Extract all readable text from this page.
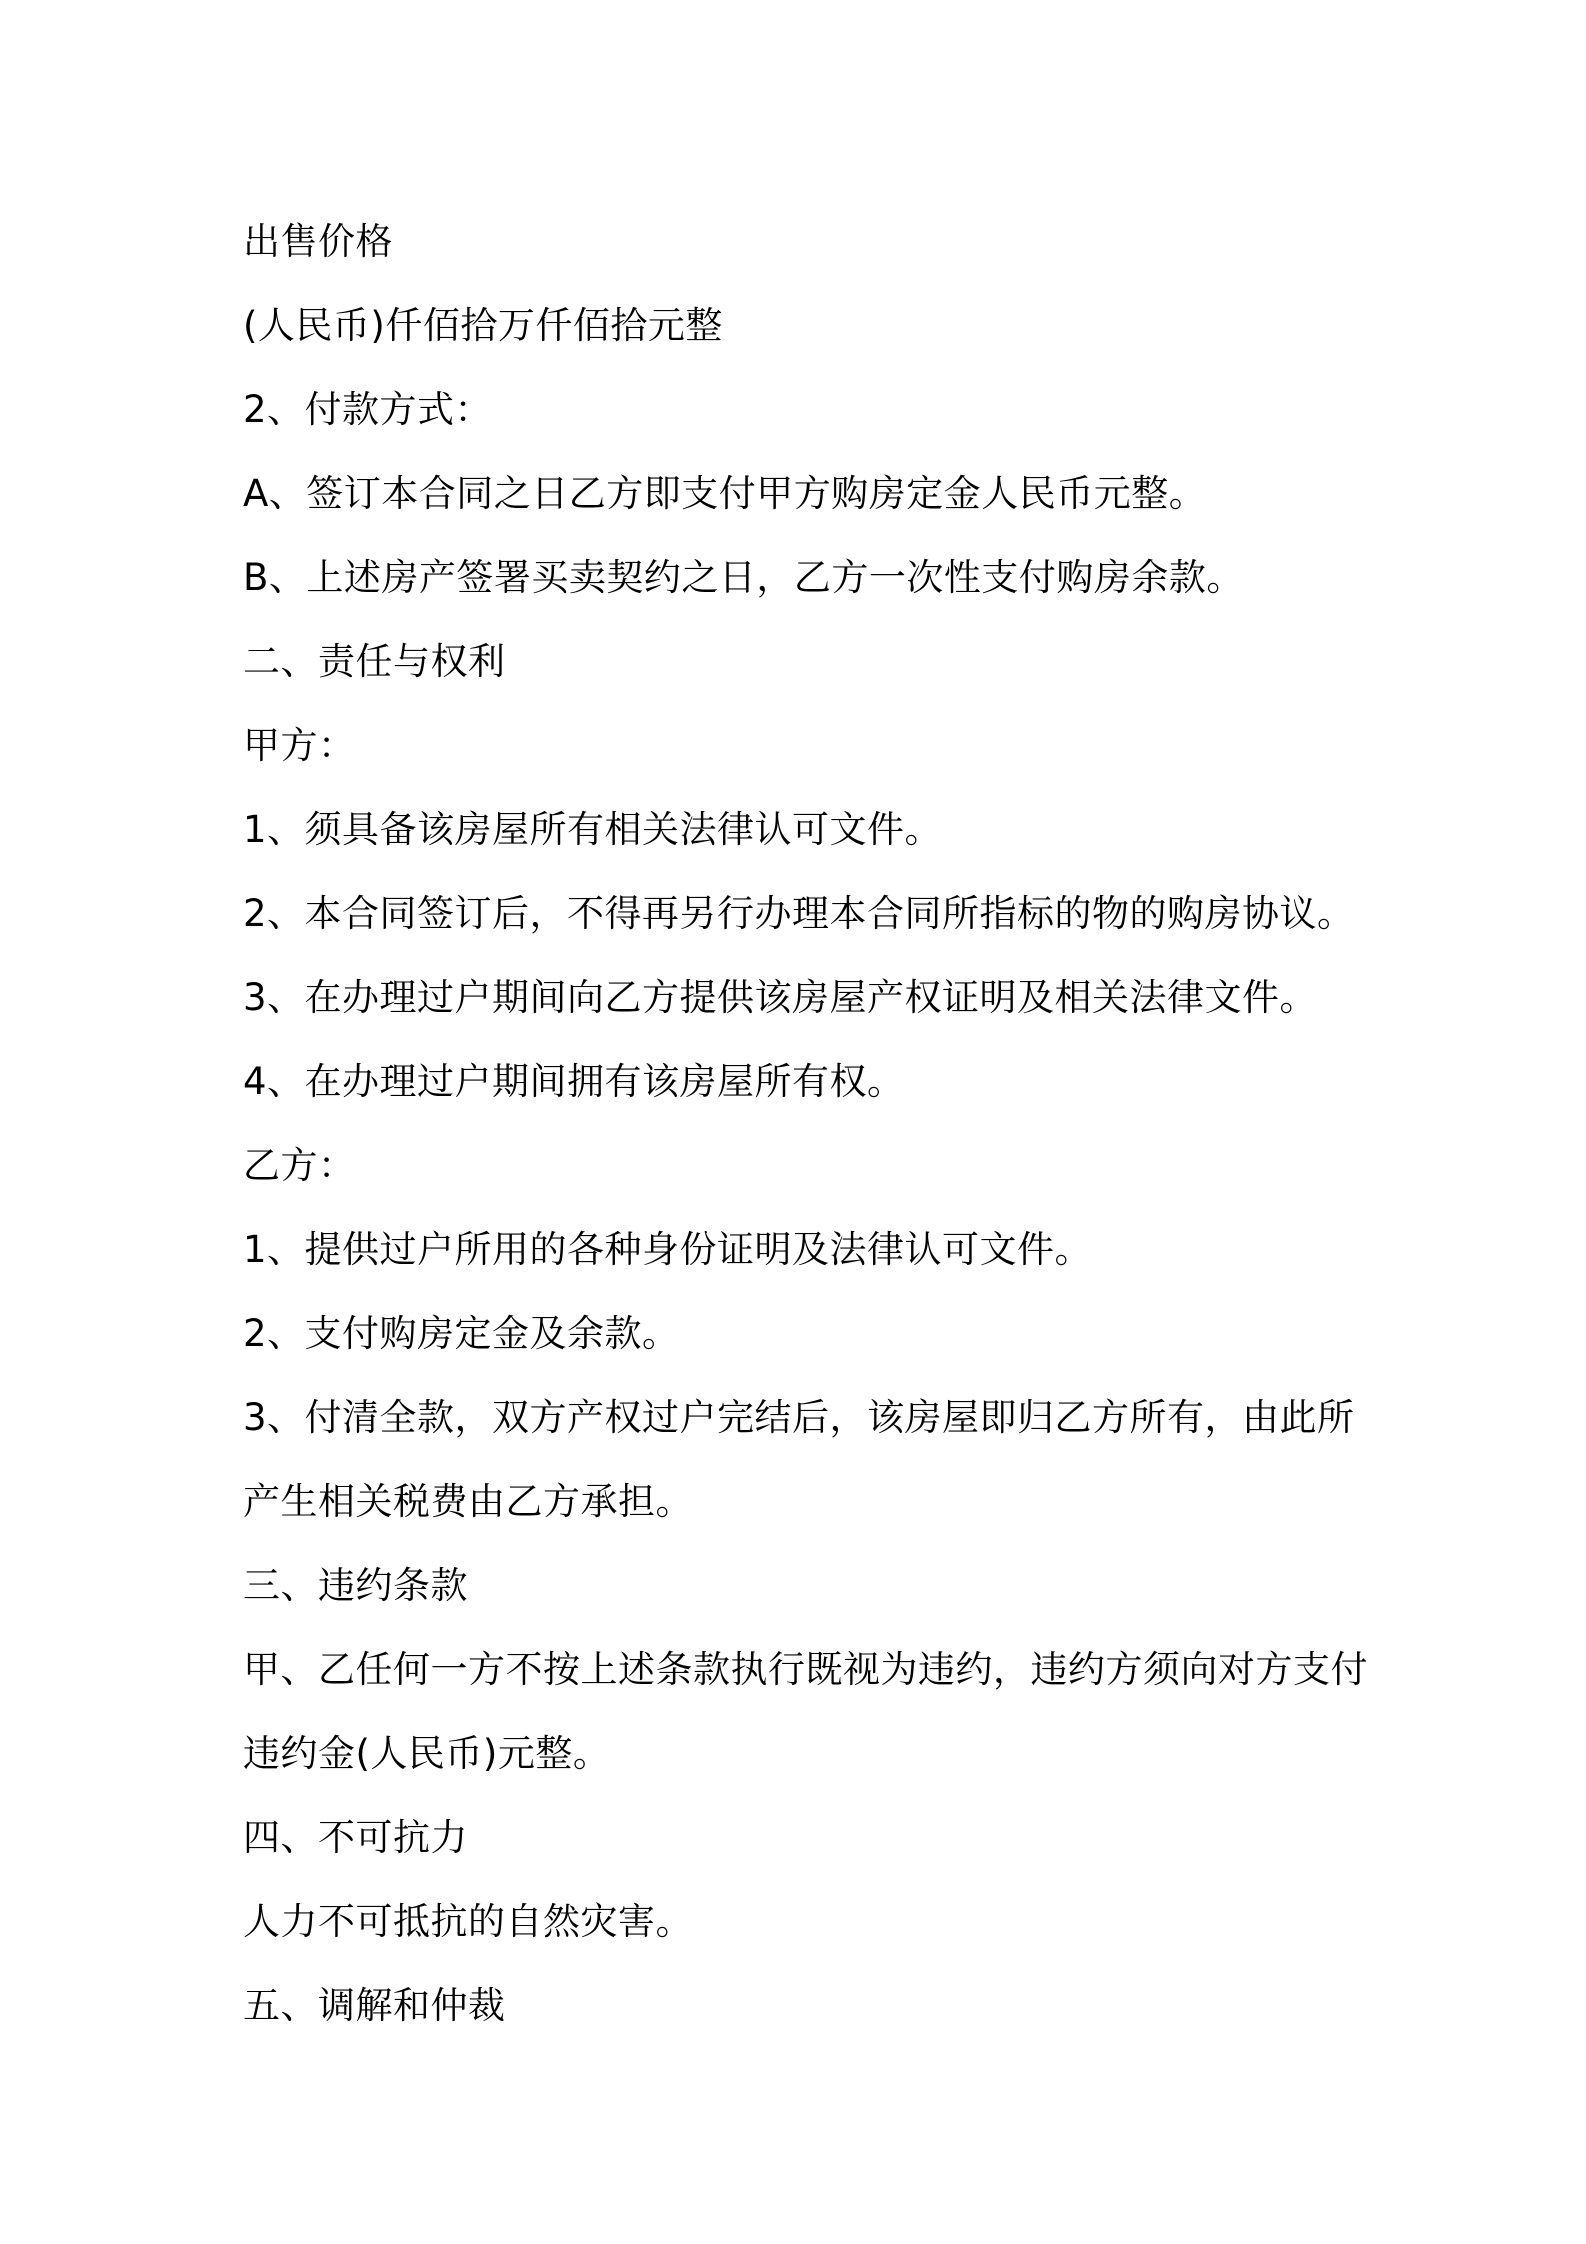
出售价格

(人民币)仟佰拾万仟佰拾元整

2、付款方式：

A、签订本合同之日乙方即支付甲方购房定金人民币元整。

B、上述房产签署买卖契约之日，乙方一次性支付购房余款。

二、责任与权利

甲方：

1、须具备该房屋所有相关法律认可文件。

2、本合同签订后，不得再另行办理本合同所指标的物的购房协议。

3、在办理过户期间向乙方提供该房屋产权证明及相关法律文件。

4、在办理过户期间拥有该房屋所有权。

乙方：

1、提供过户所用的各种身份证明及法律认可文件。

2、支付购房定金及余款。

3、付清全款，双方产权过户完结后，该房屋即归乙方所有，由此所

产生相关税费由乙方承担。

三、违约条款

甲、乙任何一方不按上述条款执行既视为违约，违约方须向对方支付

违约金(人民币)元整。

四、不可抗力

人力不可抵抗的自然灾害。

五、调解和仲裁
